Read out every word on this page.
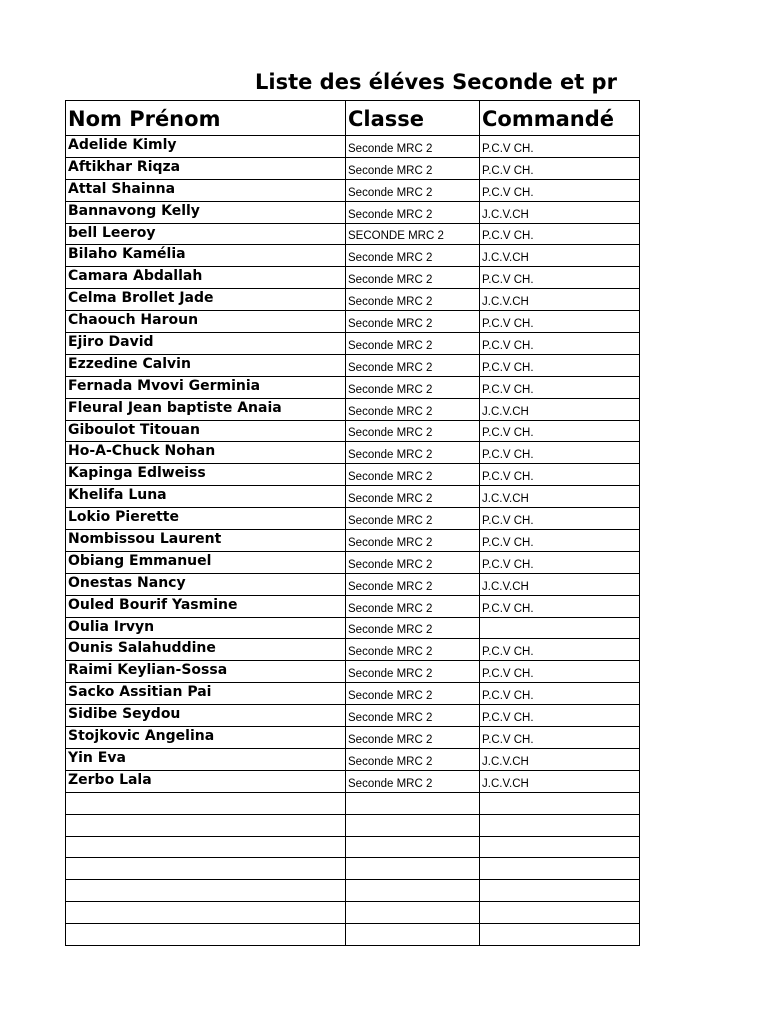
Liste des éléves Seconde et pr
Nom Prénom	Classe	Commandé
Adelide Kimly	Seconde MRC 2	P.C.V CH.
Aftikhar Riqza	Seconde MRC 2	P.C.V CH.
Attal Shainna	Seconde MRC 2	P.C.V CH.
Bannavong Kelly	Seconde MRC 2	J.C.V.CH
bell Leeroy	SECONDE MRC 2	P.C.V CH.
Bilaho Kamélia	Seconde MRC 2	J.C.V.CH
Camara Abdallah	Seconde MRC 2	P.C.V CH.
Celma Brollet Jade	Seconde MRC 2	J.C.V.CH
Chaouch Haroun	Seconde MRC 2	P.C.V CH.
Ejiro David	Seconde MRC 2	P.C.V CH.
Ezzedine Calvin	Seconde MRC 2	P.C.V CH.
Fernada Mvovi Germinia	Seconde MRC 2	P.C.V CH.
Fleural Jean baptiste Anaia	Seconde MRC 2	J.C.V.CH
Giboulot Titouan	Seconde MRC 2	P.C.V CH.
Ho-A-Chuck Nohan	Seconde MRC 2	P.C.V CH.
Kapinga Edlweiss	Seconde MRC 2	P.C.V CH.
Khelifa Luna	Seconde MRC 2	J.C.V.CH
Lokio Pierette	Seconde MRC 2	P.C.V CH.
Nombissou Laurent	Seconde MRC 2	P.C.V CH.
Obiang Emmanuel	Seconde MRC 2	P.C.V CH.
Onestas Nancy	Seconde MRC 2	J.C.V.CH
Ouled Bourif Yasmine	Seconde MRC 2	P.C.V CH.
Oulia Irvyn	Seconde MRC 2	
Ounis Salahuddine	Seconde MRC 2	P.C.V CH.
Raimi Keylian-Sossa	Seconde MRC 2	P.C.V CH.
Sacko Assitian Pai	Seconde MRC 2	P.C.V CH.
Sidibe Seydou	Seconde MRC 2	P.C.V CH.
Stojkovic Angelina	Seconde MRC 2	P.C.V CH.
Yin Eva	Seconde MRC 2	J.C.V.CH
Zerbo Lala	Seconde MRC 2	J.C.V.CH
